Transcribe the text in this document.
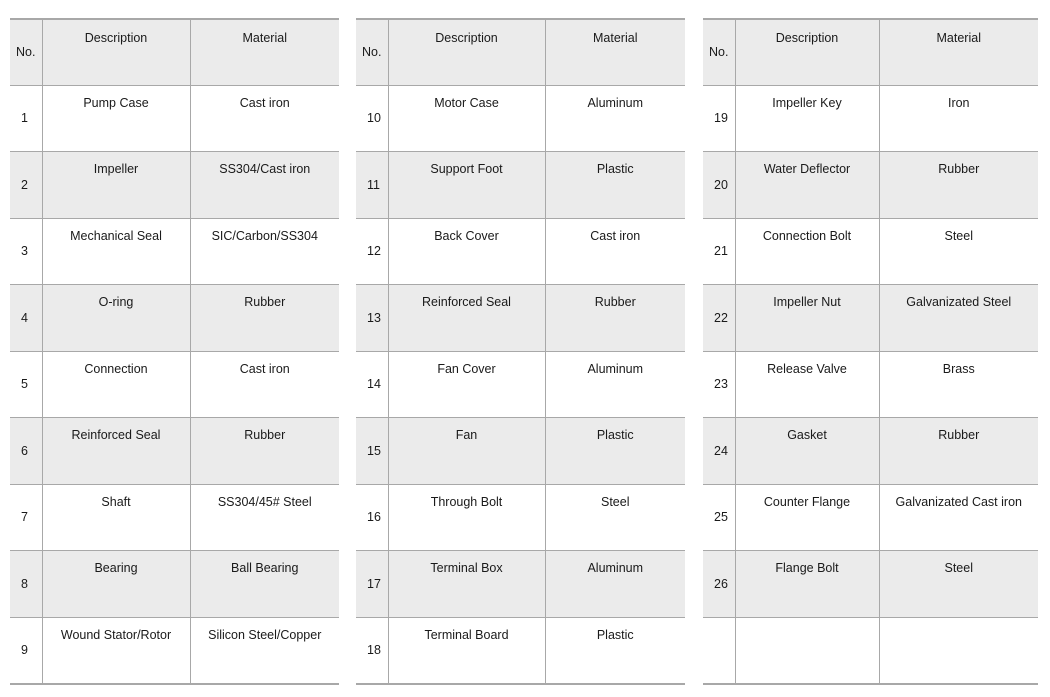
No.	Description	Material
1	Pump Case	Cast iron
2	Impeller	SS304/Cast iron
3	Mechanical Seal	SIC/Carbon/SS304
4	O-ring	Rubber
5	Connection	Cast iron
6	Reinforced Seal	Rubber
7	Shaft	SS304/45# Steel
8	Bearing	Ball Bearing
9	Wound Stator/Rotor	Silicon Steel/Copper
No.	Description	Material
10	Motor Case	Aluminum
11	Support Foot	Plastic
12	Back Cover	Cast iron
13	Reinforced Seal	Rubber
14	Fan Cover	Aluminum
15	Fan	Plastic
16	Through Bolt	Steel
17	Terminal Box	Aluminum
18	Terminal Board	Plastic
No.	Description	Material
19	Impeller Key	Iron
20	Water Deflector	Rubber
21	Connection Bolt	Steel
22	Impeller Nut	Galvanizated Steel
23	Release Valve	Brass
24	Gasket	Rubber
25	Counter Flange	Galvanizated Cast iron
26	Flange Bolt	Steel
